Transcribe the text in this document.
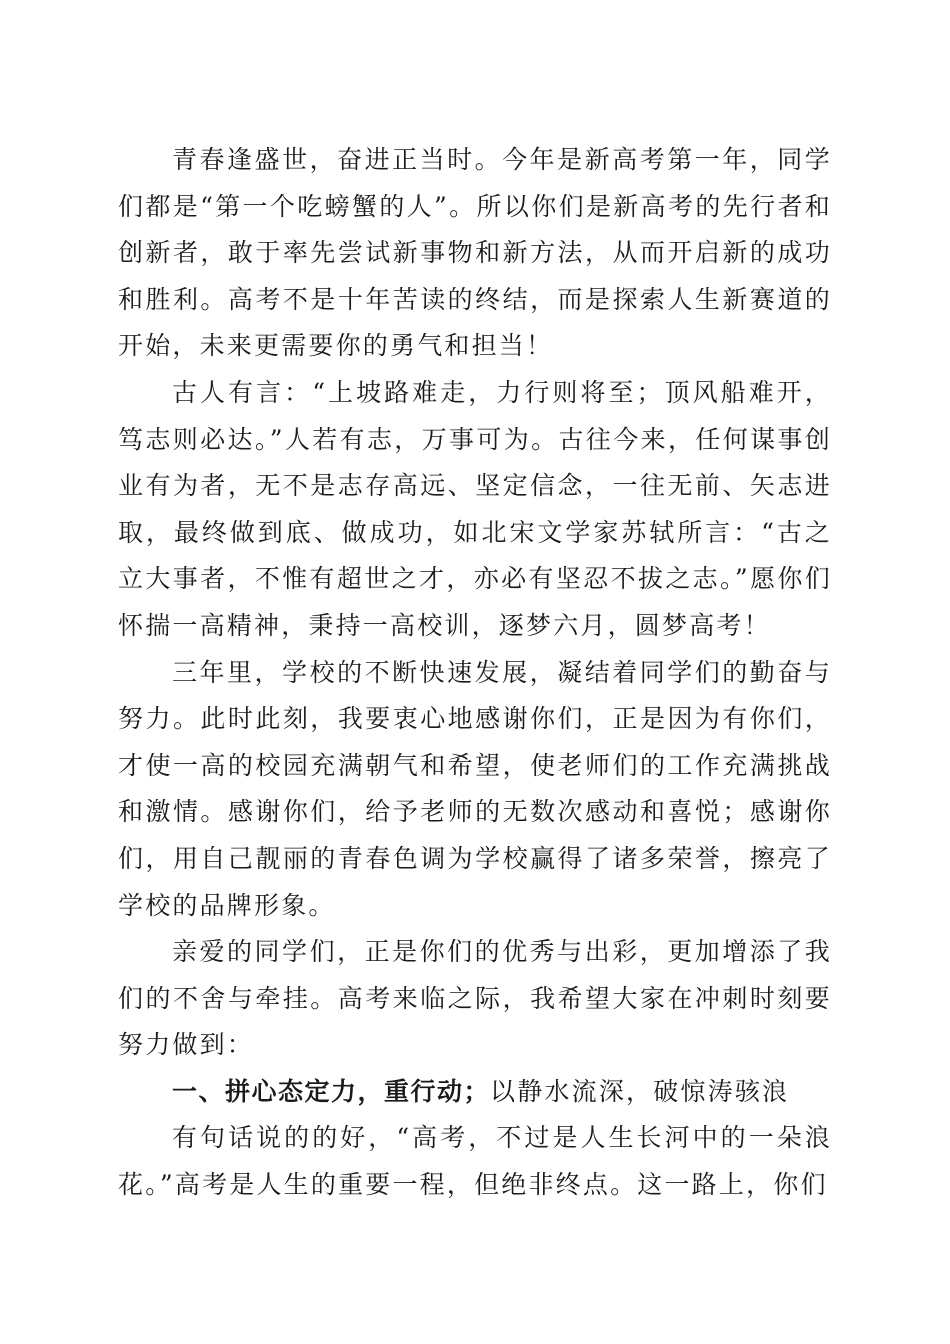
青春逢盛世，奋进正当时。今年是新高考第一年，同学们都是“第一个吃螃蟹的人”。所以你们是新高考的先行者和创新者，敢于率先尝试新事物和新方法，从而开启新的成功和胜利。高考不是十年苦读的终结，而是探索人生新赛道的开始，未来更需要你的勇气和担当！

古人有言：“上坡路难走，力行则将至；顶风船难开，笃志则必达。”人若有志，万事可为。古往今来，任何谋事创业有为者，无不是志存高远、坚定信念，一往无前、矢志进取，最终做到底、做成功，如北宋文学家苏轼所言：“古之立大事者，不惟有超世之才，亦必有坚忍不拔之志。”愿你们怀揣一高精神，秉持一高校训，逐梦六月，圆梦高考！

三年里，学校的不断快速发展，凝结着同学们的勤奋与努力。此时此刻，我要衷心地感谢你们，正是因为有你们，才使一高的校园充满朝气和希望，使老师们的工作充满挑战和激情。感谢你们，给予老师的无数次感动和喜悦；感谢你们，用自己靓丽的青春色调为学校赢得了诸多荣誉，擦亮了学校的品牌形象。

亲爱的同学们，正是你们的优秀与出彩，更加增添了我们的不舍与牵挂。高考来临之际，我希望大家在冲刺时刻要努力做到：

一、拼心态定力，重行动；以静水流深，破惊涛骇浪

有句话说的的好，“高考，不过是人生长河中的一朵浪花。”高考是人生的重要一程，但绝非终点。这一路上，你们
